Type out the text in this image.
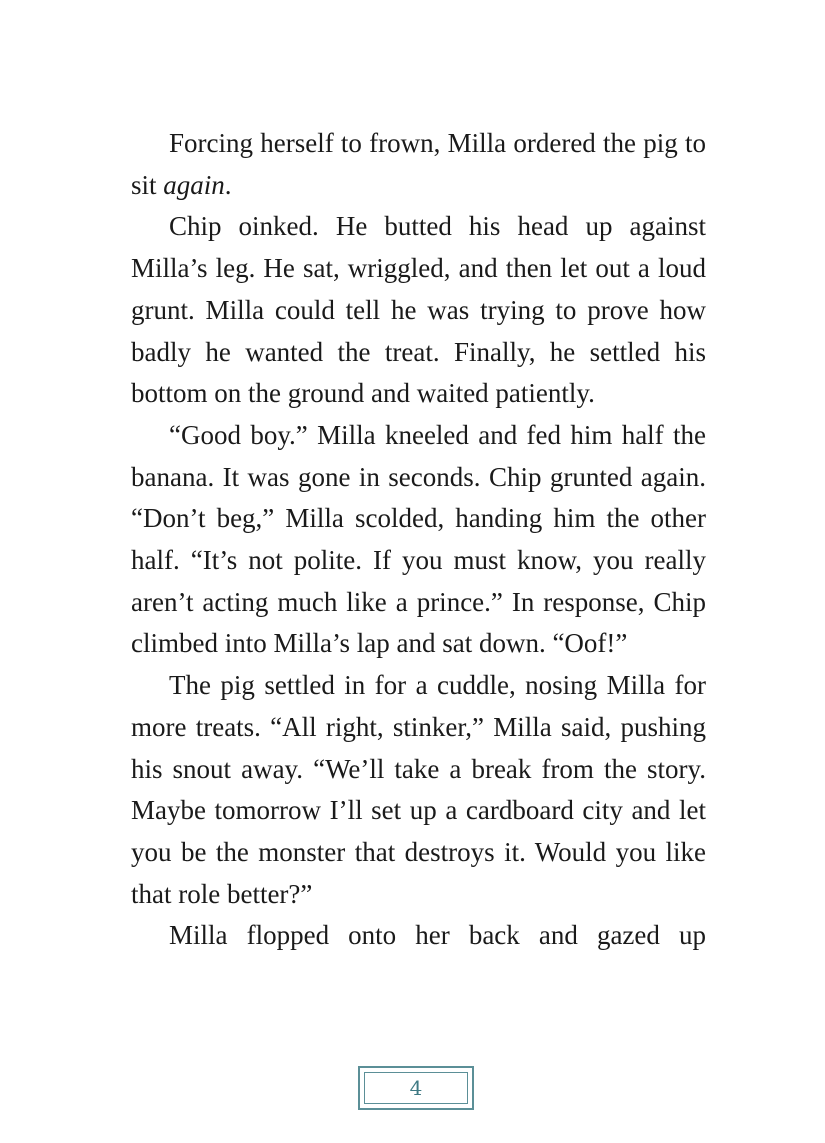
Forcing herself to frown, Milla ordered the pig to sit again.

Chip oinked. He butted his head up against Milla’s leg. He sat, wriggled, and then let out a loud grunt. Milla could tell he was trying to prove how badly he wanted the treat. Finally, he settled his bottom on the ground and waited patiently.

“Good boy.” Milla kneeled and fed him half the banana. It was gone in seconds. Chip grunted again. “Don’t beg,” Milla scolded, handing him the other half. “It’s not polite. If you must know, you really aren’t acting much like a prince.” In response, Chip climbed into Milla’s lap and sat down. “Oof!”

The pig settled in for a cuddle, nosing Milla for more treats. “All right, stinker,” Milla said, pushing his snout away. “We’ll take a break from the story. Maybe tomorrow I’ll set up a cardboard city and let you be the monster that destroys it. Would you like that role better?”

Milla flopped onto her back and gazed up

4
